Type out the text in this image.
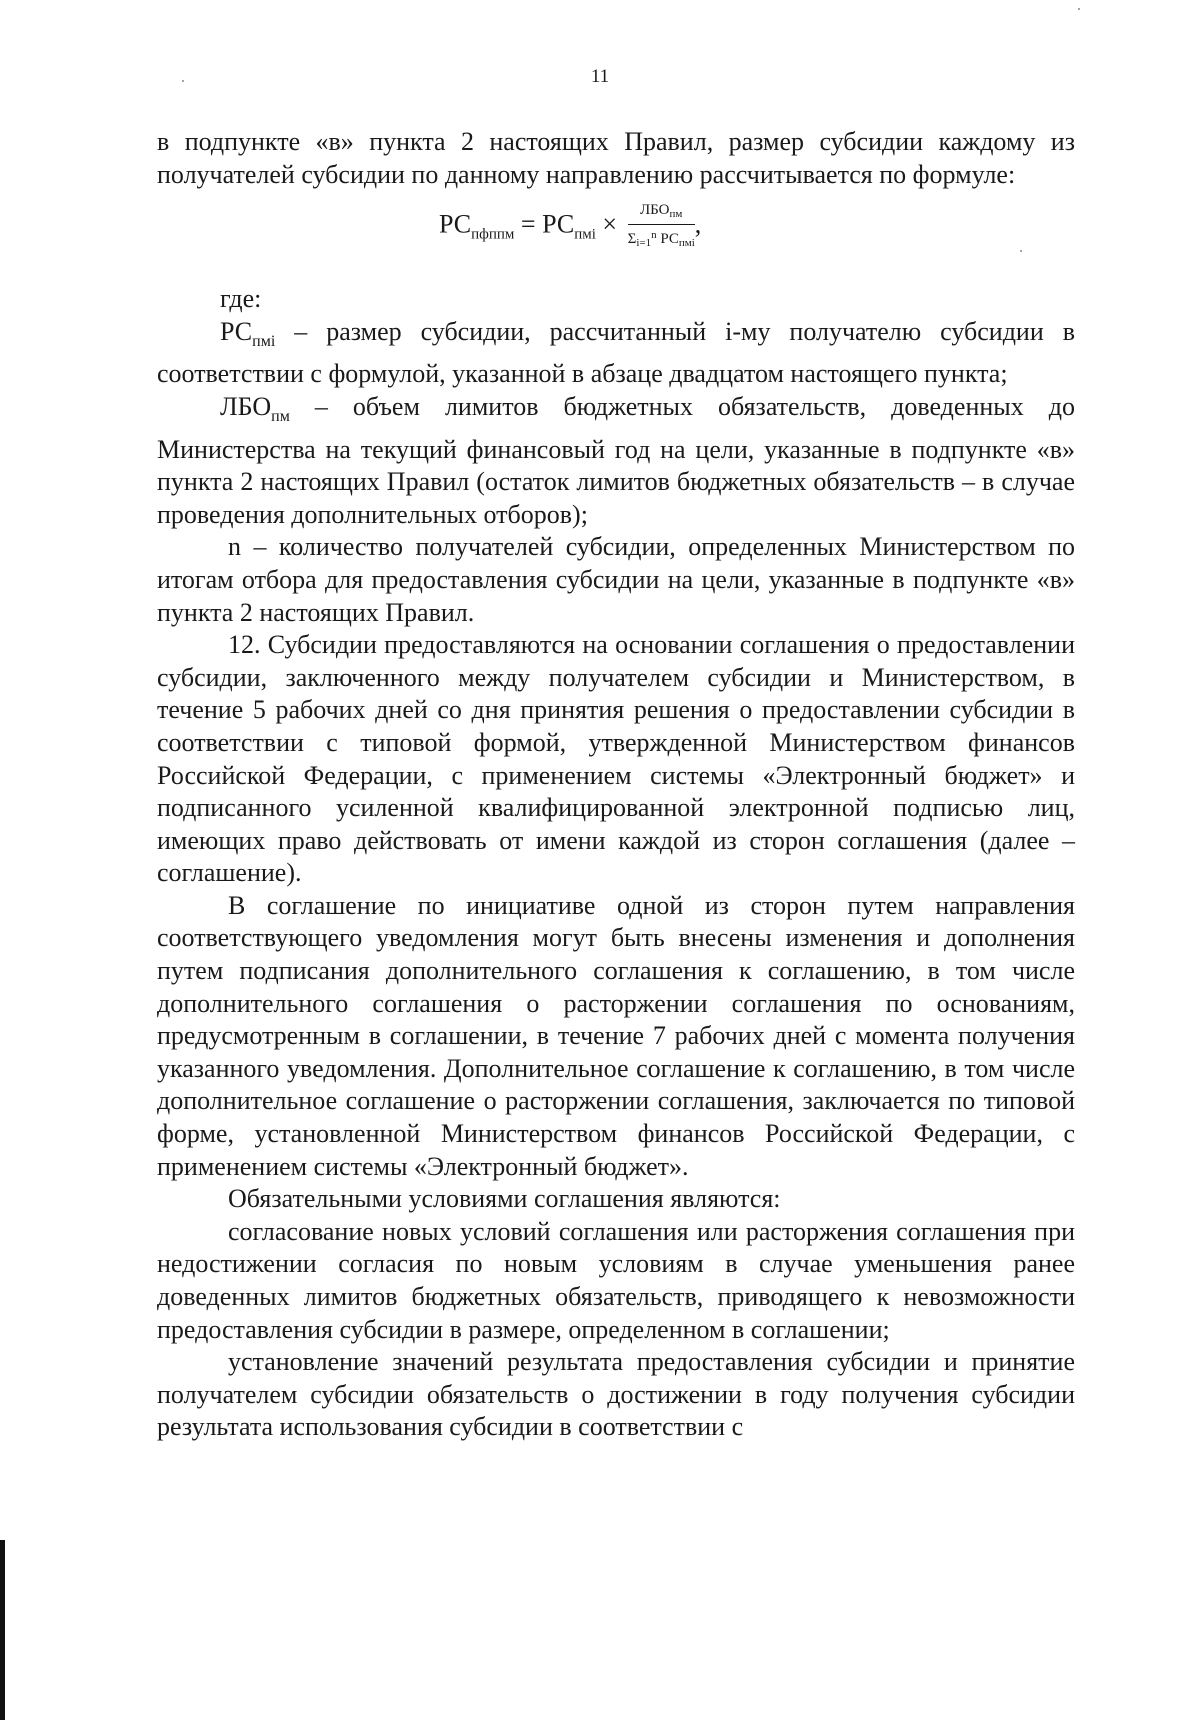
11

в подпункте «в» пункта 2 настоящих Правил, размер субсидии каждому из получателей субсидии по данному направлению рассчитывается по формуле:

$РС_{пфппм} = РС_{пмi} \times \frac{ЛБО_{пм}}{\Sigma_{i=1}^n РС_{пмi}}$ ,

где:

$РС_{пмi}$ – размер субсидии, рассчитанный i-му получателю субсидии в соответствии с формулой, указанной в абзаце двадцатом настоящего пункта;

$ЛБО_{пм}$ – объем лимитов бюджетных обязательств, доведенных до Министерства на текущий финансовый год на цели, указанные в подпункте «в» пункта 2 настоящих Правил (остаток лимитов бюджетных обязательств – в случае проведения дополнительных отборов);

n – количество получателей субсидии, определенных Министерством по итогам отбора для предоставления субсидии на цели, указанные в подпункте «в» пункта 2 настоящих Правил.

12. Субсидии предоставляются на основании соглашения о предоставлении субсидии, заключенного между получателем субсидии и Министерством, в течение 5 рабочих дней со дня принятия решения о предоставлении субсидии в соответствии с типовой формой, утвержденной Министерством финансов Российской Федерации, с применением системы «Электронный бюджет» и подписанного усиленной квалифицированной электронной подписью лиц, имеющих право действовать от имени каждой из сторон соглашения (далее – соглашение).

В соглашение по инициативе одной из сторон путем направления соответствующего уведомления могут быть внесены изменения и дополнения путем подписания дополнительного соглашения к соглашению, в том числе дополнительного соглашения о расторжении соглашения по основаниям, предусмотренным в соглашении, в течение 7 рабочих дней с момента получения указанного уведомления. Дополнительное соглашение к соглашению, в том числе дополнительное соглашение о расторжении соглашения, заключается по типовой форме, установленной Министерством финансов Российской Федерации, с применением системы «Электронный бюджет».

Обязательными условиями соглашения являются:

согласование новых условий соглашения или расторжения соглашения при недостижении согласия по новым условиям в случае уменьшения ранее доведенных лимитов бюджетных обязательств, приводящего к невозможности предоставления субсидии в размере, определенном в соглашении;

установление значений результата предоставления субсидии и принятие получателем субсидии обязательств о достижении в году получения субсидии результата использования субсидии в соответствии с
